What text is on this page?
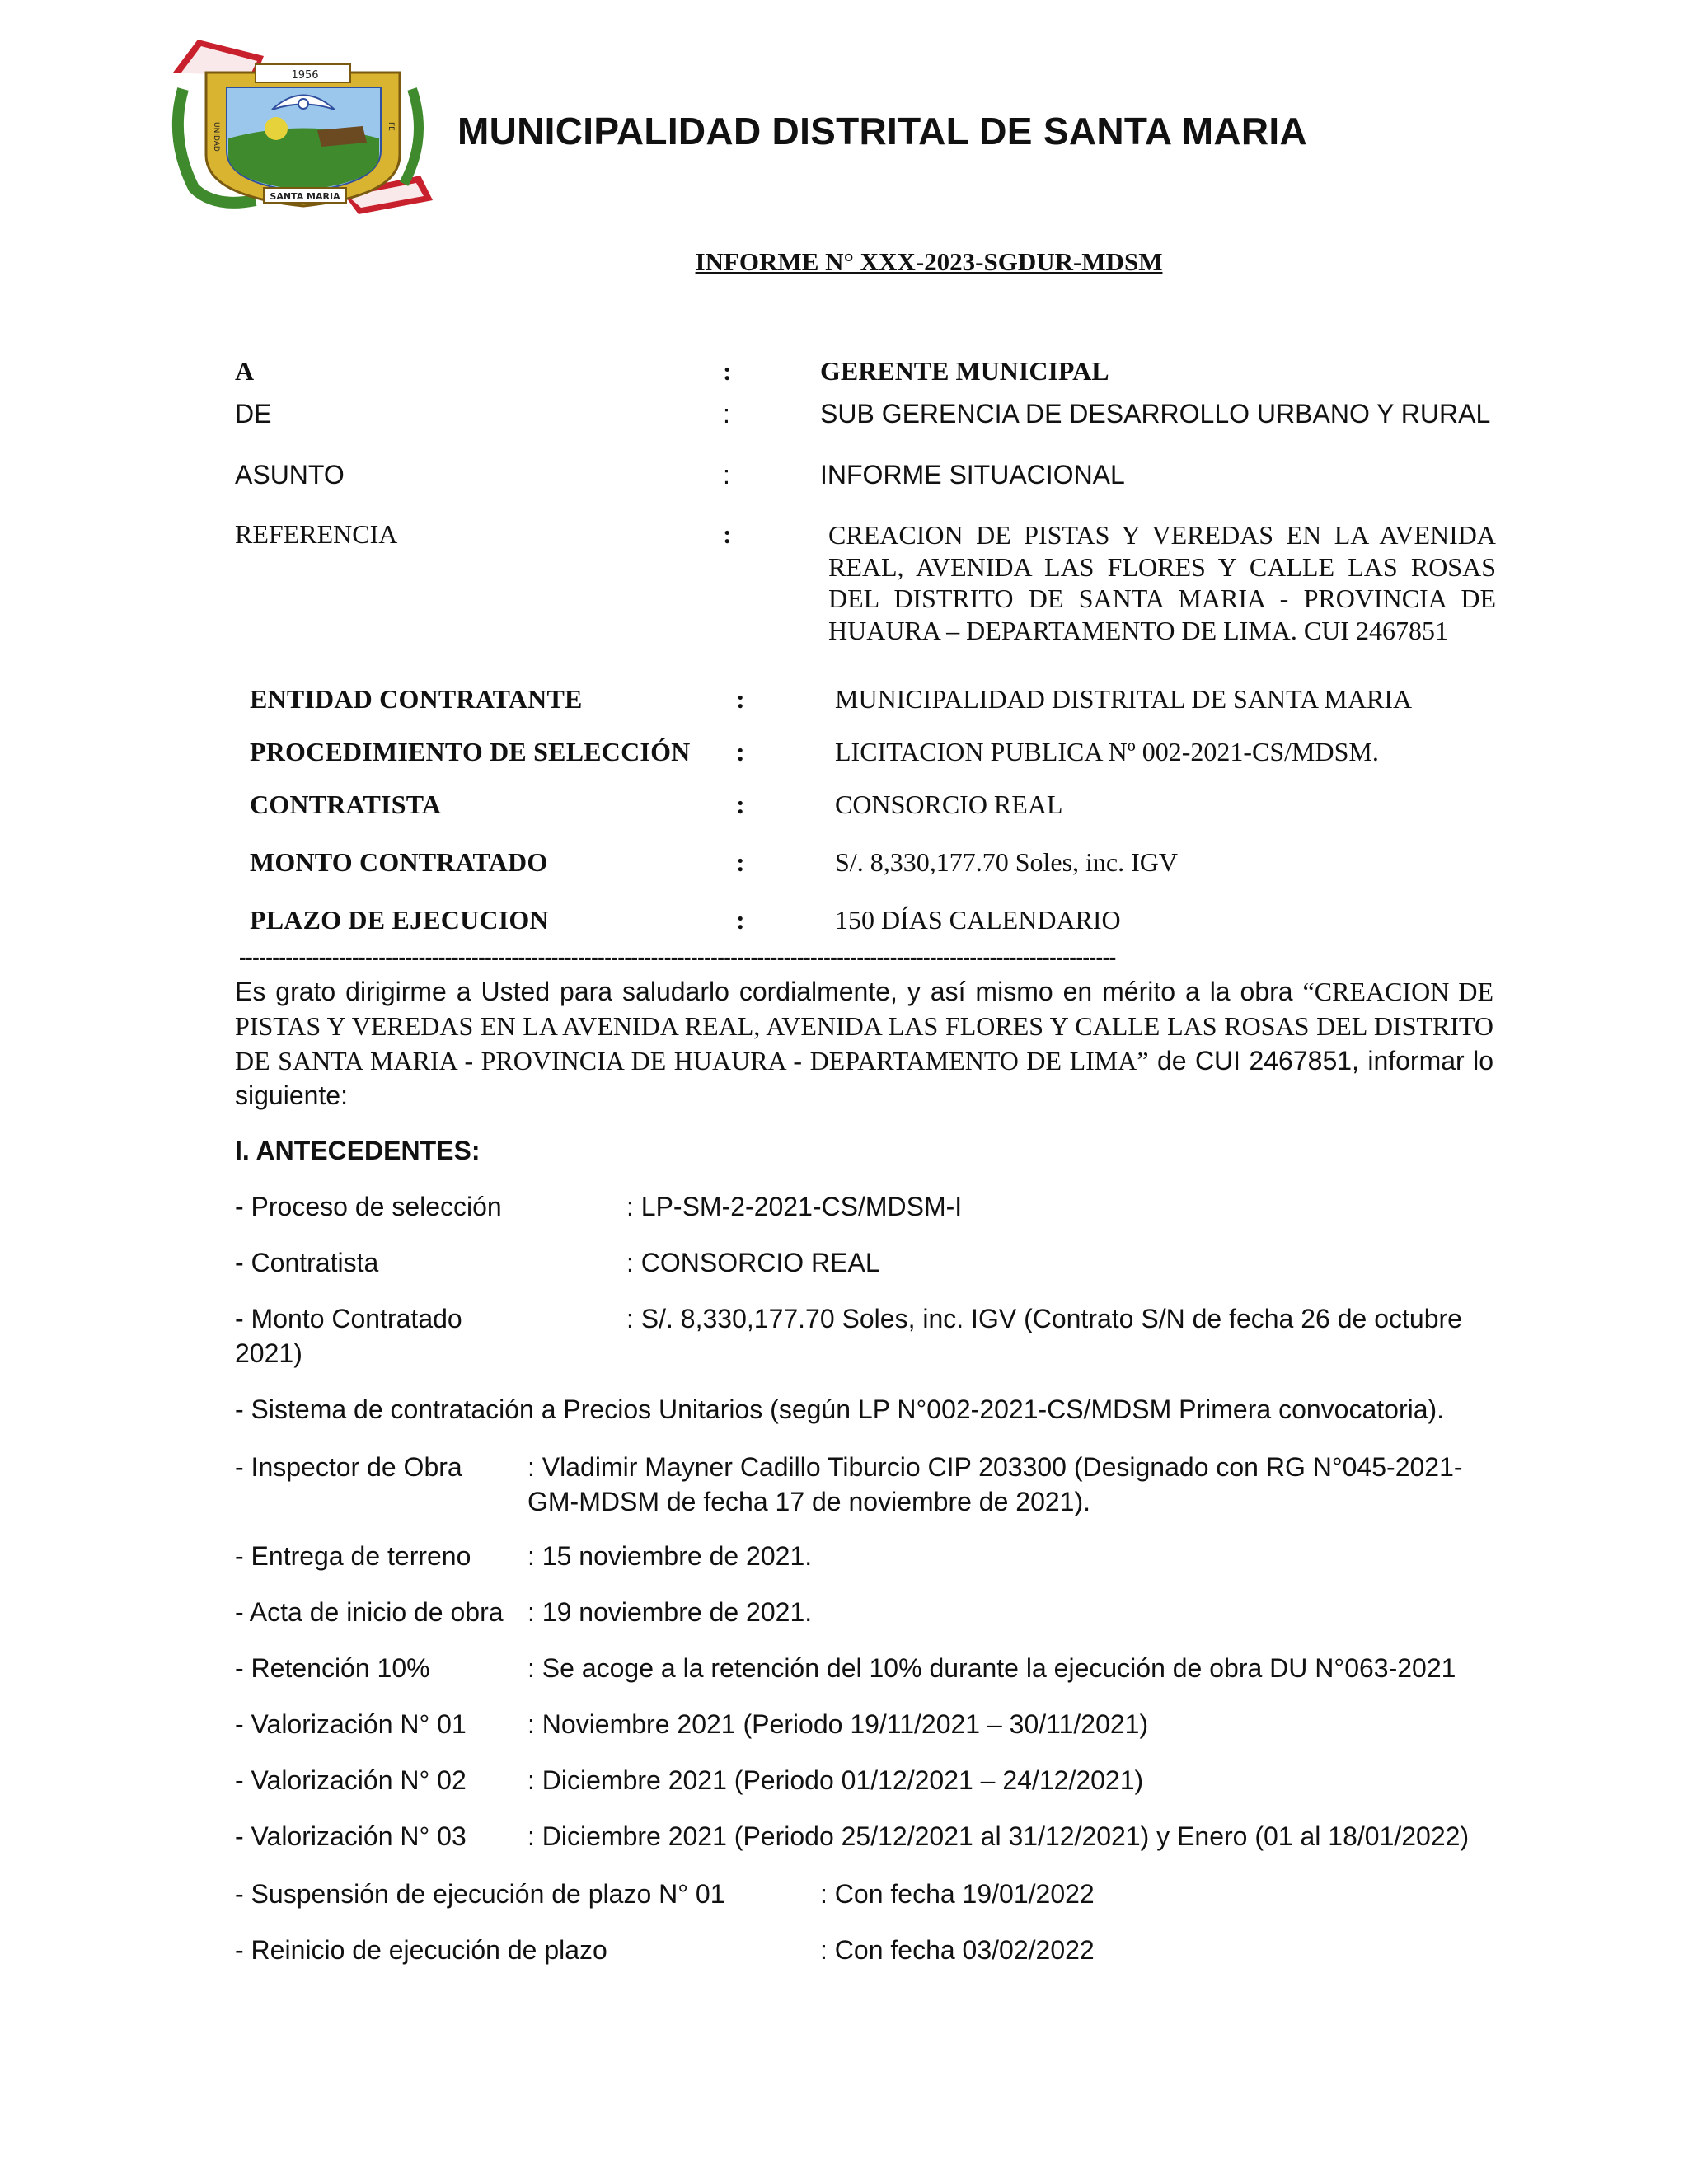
1956
SANTA MARIA
UNIDAD	FE MUNICIPALIDAD DISTRITAL DE SANTA MARIA
INFORME N° XXX-2023-SGDUR-MDSM
A	:	GERENTE MUNICIPAL
DE	:	SUB GERENCIA DE DESARROLLO URBANO Y RURAL
ASUNTO	:	INFORME SITUACIONAL
REFERENCIA	:	CREACION DE PISTAS Y VEREDAS EN LA AVENIDA REAL, AVENIDA LAS FLORES Y CALLE LAS ROSAS DEL DISTRITO DE SANTA MARIA - PROVINCIA DE HUAURA – DEPARTAMENTO DE LIMA. CUI 2467851
ENTIDAD CONTRATANTE	:	MUNICIPALIDAD DISTRITAL DE SANTA MARIA
PROCEDIMIENTO DE SELECCIÓN :	LICITACION PUBLICA Nº 002-2021-CS/MDSM.
CONTRATISTA	:	CONSORCIO REAL
MONTO CONTRATADO	:	S/. 8,330,177.70 Soles, inc. IGV
PLAZO DE EJECUCION	:	150 DÍAS CALENDARIO
------------------------------------------------------------------------------------------------------------------------------------
Es grato dirigirme a Usted para saludarlo cordialmente, y así mismo en mérito a la obra “CREACION DE PISTAS Y VEREDAS EN LA AVENIDA REAL, AVENIDA LAS FLORES Y CALLE LAS ROSAS DEL DISTRITO DE SANTA MARIA - PROVINCIA DE HUAURA - DEPARTAMENTO DE LIMA” de CUI 2467851, informar lo siguiente:
I. ANTECEDENTES:
- Proceso de selección	: LP-SM-2-2021-CS/MDSM-I
- Contratista	: CONSORCIO REAL
- Monto Contratado	: S/. 8,330,177.70 Soles, inc. IGV (Contrato S/N de fecha 26 de octubre
2021)
- Sistema de contratación a Precios Unitarios (según LP N°002-2021-CS/MDSM Primera convocatoria).
- Inspector de Obra : Vladimir Mayner Cadillo Tiburcio CIP 203300 (Designado con RG N°045-2021-
GM-MDSM de fecha 17 de noviembre de 2021).
- Entrega de terreno : 15 noviembre de 2021.
- Acta de inicio de obra : 19 noviembre de 2021.
- Retención 10%	: Se acoge a la retención del 10% durante la ejecución de obra DU N°063-2021
- Valorización N° 01 : Noviembre 2021 (Periodo 19/11/2021 – 30/11/2021)
- Valorización N° 02 : Diciembre 2021 (Periodo 01/12/2021 – 24/12/2021)
- Valorización N° 03 : Diciembre 2021 (Periodo 25/12/2021 al 31/12/2021) y Enero (01 al 18/01/2022)
- Suspensión de ejecución de plazo N° 01	: Con fecha 19/01/2022
- Reinicio de ejecución de plazo	: Con fecha 03/02/2022
